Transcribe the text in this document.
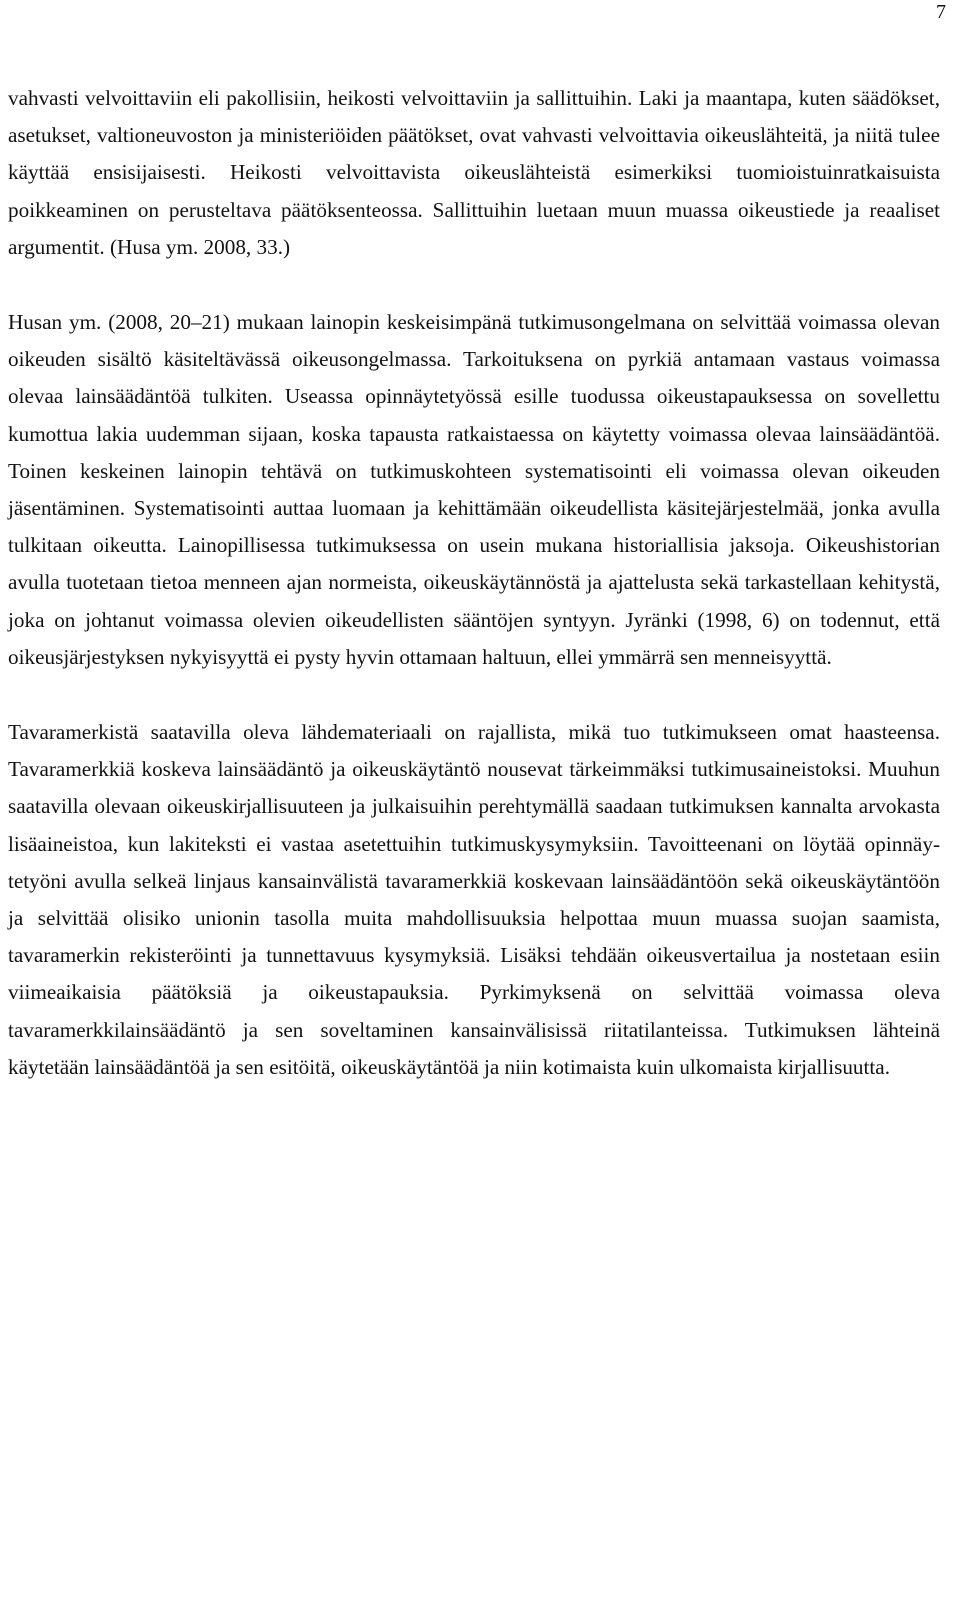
7

vahvasti velvoittaviin eli pakollisiin, heikosti velvoittaviin ja sallittuihin. Laki ja maantapa, kuten säädökset, asetukset, valtioneuvoston ja ministeriöiden päätökset, ovat vahvasti velvoittavia oikeuslähteitä, ja niitä tulee käyttää ensisijaisesti. Heikosti velvoittavista oikeuslähteistä esimerkiksi tuomioistuinratkaisuista poikkeaminen on perusteltava päätöksenteossa. Sallittuihin luetaan muun muassa oikeustiede ja reaaliset argumentit. (Husa ym. 2008, 33.)

Husan ym. (2008, 20–21) mukaan lainopin keskeisimpänä tutkimusongelmana on selvittää voimassa olevan oikeuden sisältö käsiteltävässä oikeusongelmassa. Tarkoituksena on pyrkiä antamaan vastaus voimassa olevaa lainsäädäntöä tulkiten. Useassa opinnäytetyössä esille tuodussa oikeustapauksessa on sovellettu kumottua lakia uudemman sijaan, koska tapausta ratkaistaessa on käytetty voimassa olevaa lainsäädäntöä. Toinen keskeinen lainopin tehtävä on tutkimuskohteen systematisointi eli voimassa olevan oikeuden jäsentäminen. Systematisointi auttaa luomaan ja kehittämään oikeudellista käsitejärjestelmää, jonka avulla tulkitaan oikeutta. Lainopillisessa tutkimuksessa on usein mukana historiallisia jaksoja. Oikeushistorian avulla tuotetaan tietoa menneen ajan normeista, oikeuskäytännöstä ja ajattelusta sekä tarkastellaan kehitystä, joka on johtanut voimassa olevien oikeudellisten sääntöjen syntyyn. Jyränki (1998, 6) on todennut, että oikeusjärjestyksen nykyisyyttä ei pysty hyvin ottamaan haltuun, ellei ymmärrä sen menneisyyttä.

Tavaramerkistä saatavilla oleva lähdemateriaali on rajallista, mikä tuo tutkimukseen omat haasteensa. Tavaramerkkiä koskeva lainsäädäntö ja oikeuskäytäntö nousevat tärkeimmäksi tutkimusaineistoksi. Muuhun saatavilla olevaan oikeuskirjallisuuteen ja julkaisuihin perehtymällä saadaan tutkimuksen kannalta arvokasta lisäaineistoa, kun lakiteksti ei vastaa asetettuihin tutkimuskysymyksiin. Tavoitteenani on löytää opinnäytetyöni avulla selkeä linjaus kansainvälistä tavaramerkkiä koskevaan lainsäädäntöön sekä oikeuskäytäntöön ja selvittää olisiko unionin tasolla muita mahdollisuuksia helpottaa muun muassa suojan saamista, tavaramerkin rekisteröinti ja tunnettavuus kysymyksiä. Lisäksi tehdään oikeusvertailua ja nostetaan esiin viimeaikaisia päätöksiä ja oikeustapauksia. Pyrkimyksenä on selvittää voimassa oleva tavaramerkkilainsäädäntö ja sen soveltaminen kansainvälisissä riitatilanteissa. Tutkimuksen lähteinä käytetään lainsäädäntöä ja sen esitöitä, oikeuskäytäntöä ja niin kotimaista kuin ulkomaista kirjallisuutta.
